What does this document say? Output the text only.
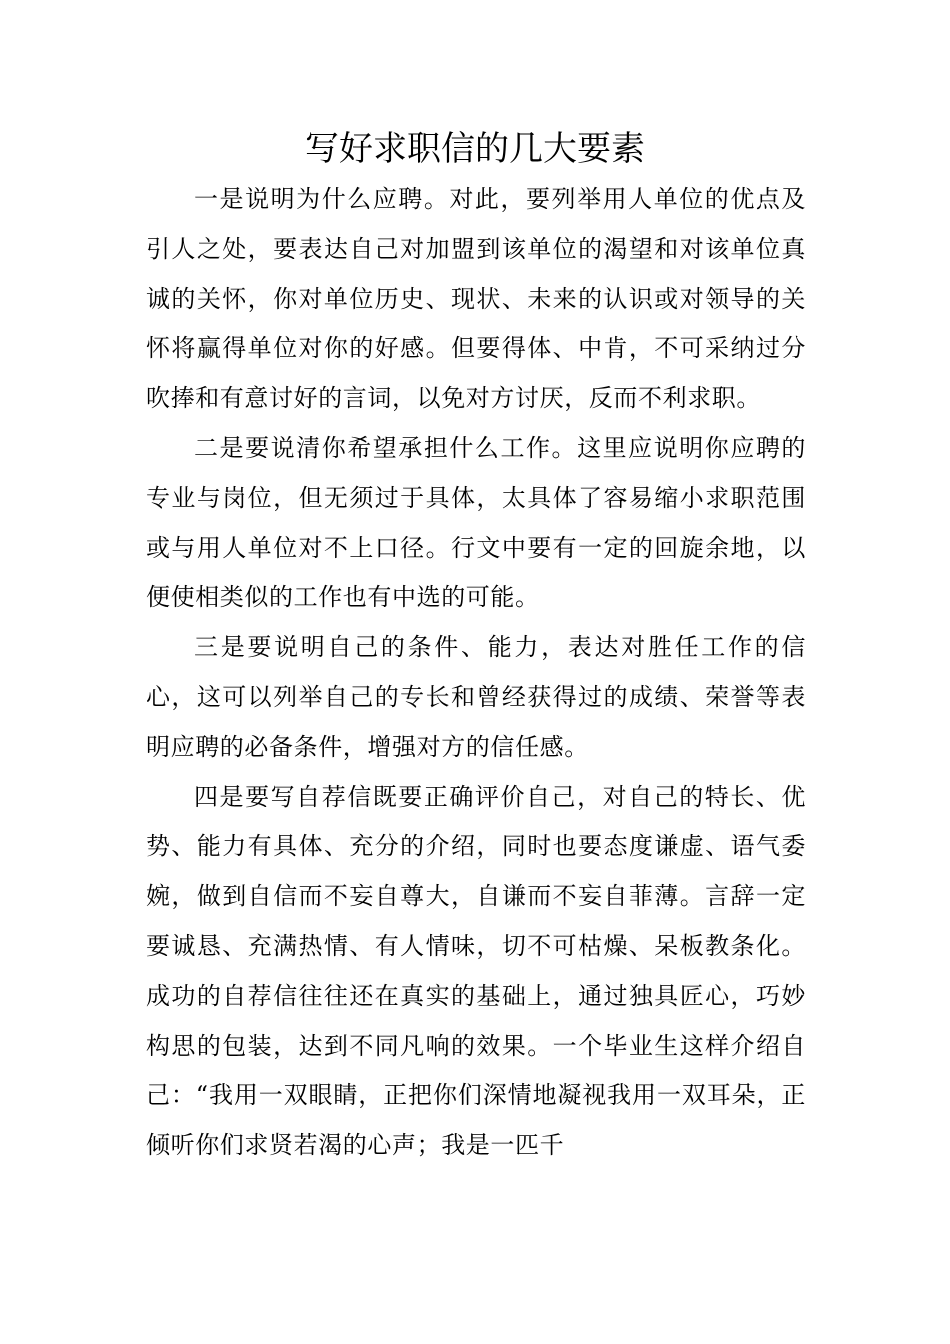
写好求职信的几大要素

一是说明为什么应聘。对此，要列举用人单位的优点及引人之处，要表达自己对加盟到该单位的渴望和对该单位真诚的关怀，你对单位历史、现状、未来的认识或对领导的关怀将赢得单位对你的好感。但要得体、中肯，不可采纳过分吹捧和有意讨好的言词，以免对方讨厌，反而不利求职。

二是要说清你希望承担什么工作。这里应说明你应聘的专业与岗位，但无须过于具体，太具体了容易缩小求职范围或与用人单位对不上口径。行文中要有一定的回旋余地，以便使相类似的工作也有中选的可能。

三是要说明自己的条件、能力，表达对胜任工作的信心，这可以列举自己的专长和曾经获得过的成绩、荣誉等表明应聘的必备条件，增强对方的信任感。

四是要写自荐信既要正确评价自己，对自己的特长、优势、能力有具体、充分的介绍，同时也要态度谦虚、语气委婉，做到自信而不妄自尊大，自谦而不妄自菲薄。言辞一定要诚恳、充满热情、有人情味，切不可枯燥、呆板教条化。成功的自荐信往往还在真实的基础上，通过独具匠心，巧妙构思的包装，达到不同凡响的效果。一个毕业生这样介绍自己：“我用一双眼睛，正把你们深情地凝视我用一双耳朵，正倾听你们求贤若渴的心声；我是一匹千
